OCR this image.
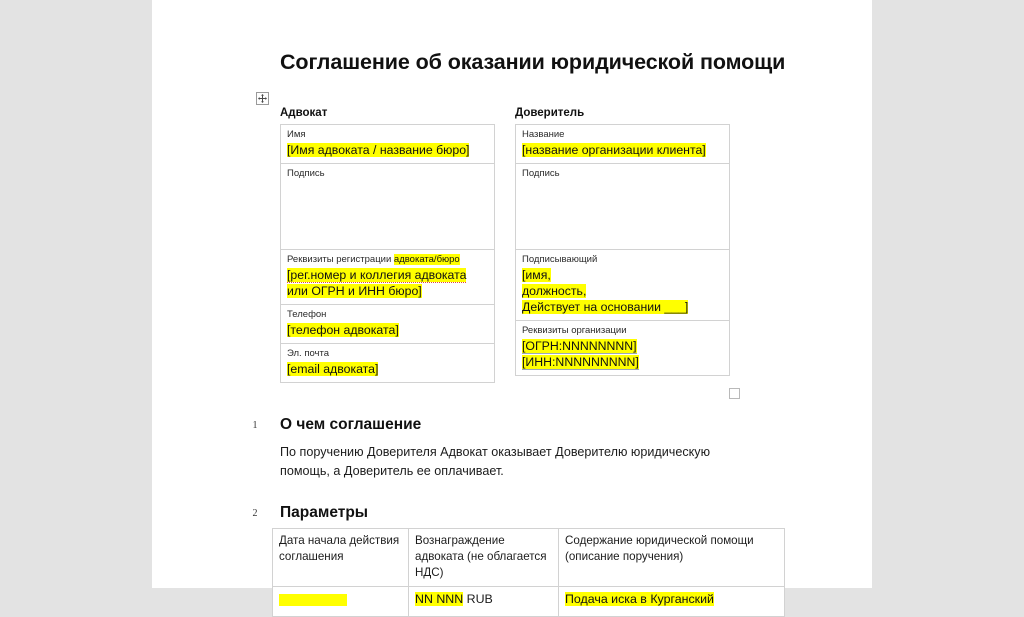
Соглашение об оказании юридической помощи
Адвокат
Имя
[Имя адвоката / название бюро]
Подпись
Реквизиты регистрации адвоката/бюро
[рег.номер и коллегия адвоката
или ОГРН и ИНН бюро]
Телефон
[телефон адвоката]
Эл. почта
[email адвоката]
Доверитель
Название
[название организации клиента]
Подпись
Подписывающий
[имя,
должность,
Действует на основании ___]
Реквизиты организации
[ОГРН:NNNNNNNN]
[ИНН:NNNNNNNNN]
1	О чем соглашение
По поручению Доверителя Адвокат оказывает Доверителю юридическую помощь, а Доверитель ее оплачивает.
2	Параметры
Дата начала действия соглашения	Вознаграждение адвоката (не облагается НДС)	Содержание юридической помощи (описание поручения)
	NN NNN RUB	Подача иска в Курганский
